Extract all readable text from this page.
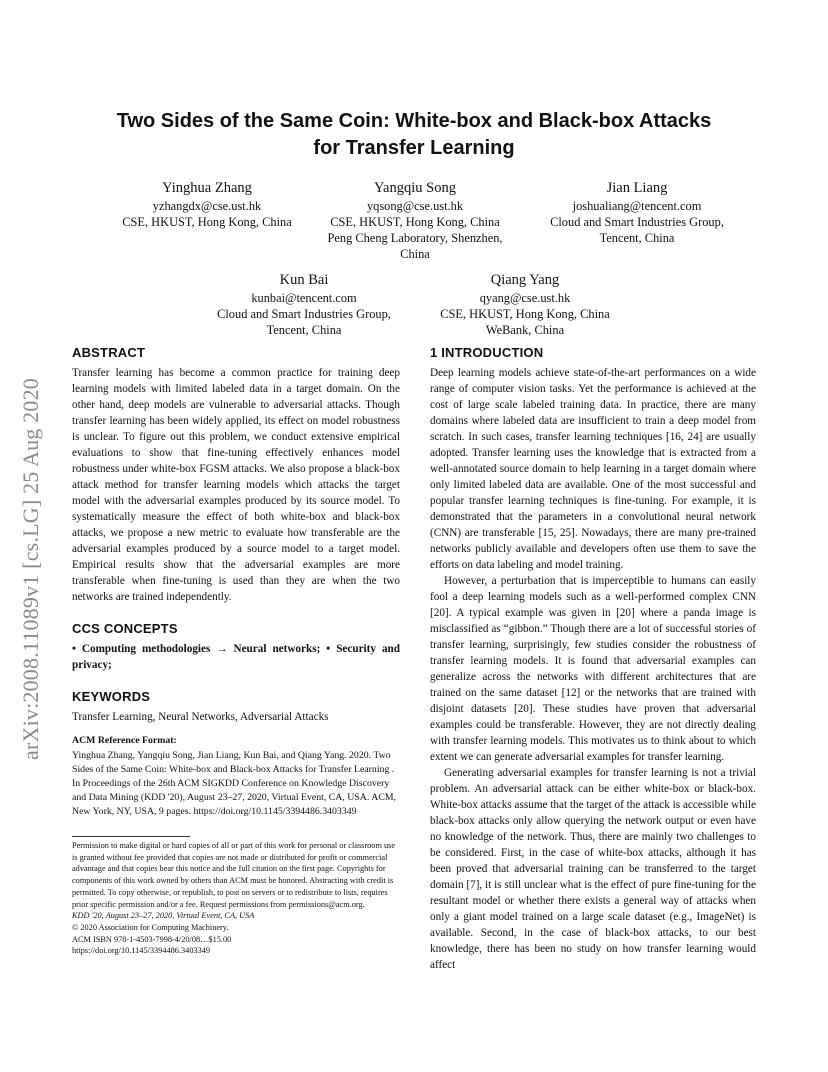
arXiv:2008.11089v1 [cs.LG] 25 Aug 2020
Two Sides of the Same Coin: White-box and Black-box Attacks
for Transfer Learning
Yinghua Zhang
yzhangdx@cse.ust.hk
CSE, HKUST, Hong Kong, China
Yangqiu Song
yqsong@cse.ust.hk
CSE, HKUST, Hong Kong, China
Peng Cheng Laboratory, Shenzhen,
China
Jian Liang
joshualiang@tencent.com
Cloud and Smart Industries Group,
Tencent, China
Kun Bai
kunbai@tencent.com
Cloud and Smart Industries Group,
Tencent, China
Qiang Yang
qyang@cse.ust.hk
CSE, HKUST, Hong Kong, China
WeBank, China
ABSTRACT

Transfer learning has become a common practice for training deep learning models with limited labeled data in a target domain. On the other hand, deep models are vulnerable to adversarial attacks. Though transfer learning has been widely applied, its effect on model robustness is unclear. To figure out this problem, we conduct extensive empirical evaluations to show that fine-tuning effectively enhances model robustness under white-box FGSM attacks. We also propose a black-box attack method for transfer learning models which attacks the target model with the adversarial examples produced by its source model. To systematically measure the effect of both white-box and black-box attacks, we propose a new metric to evaluate how transferable are the adversarial examples produced by a source model to a target model. Empirical results show that the adversarial examples are more transferable when fine-tuning is used than they are when the two networks are trained independently.

CCS CONCEPTS

• Computing methodologies → Neural networks; • Security and privacy;

KEYWORDS

Transfer Learning, Neural Networks, Adversarial Attacks

ACM Reference Format:

Yinghua Zhang, Yangqiu Song, Jian Liang, Kun Bai, and Qiang Yang. 2020. Two Sides of the Same Coin: White-box and Black-box Attacks for Transfer Learning . In Proceedings of the 26th ACM SIGKDD Conference on Knowledge Discovery and Data Mining (KDD '20), August 23–27, 2020, Virtual Event, CA, USA. ACM, New York, NY, USA, 9 pages. https://doi.org/10.1145/3394486.3403349

Permission to make digital or hard copies of all or part of this work for personal or classroom use is granted without fee provided that copies are not made or distributed for profit or commercial advantage and that copies bear this notice and the full citation on the first page. Copyrights for components of this work owned by others than ACM must be honored. Abstracting with credit is permitted. To copy otherwise, or republish, to post on servers or to redistribute to lists, requires prior specific permission and/or a fee. Request permissions from permissions@acm.org.
KDD '20, August 23–27, 2020, Virtual Event, CA, USA
© 2020 Association for Computing Machinery.
ACM ISBN 978-1-4503-7998-4/20/08…$15.00
https://doi.org/10.1145/3394486.3403349
1 INTRODUCTION

Deep learning models achieve state-of-the-art performances on a wide range of computer vision tasks. Yet the performance is achieved at the cost of large scale labeled training data. In practice, there are many domains where labeled data are insufficient to train a deep model from scratch. In such cases, transfer learning techniques [16, 24] are usually adopted. Transfer learning uses the knowledge that is extracted from a well-annotated source domain to help learning in a target domain where only limited labeled data are available. One of the most successful and popular transfer learning techniques is fine-tuning. For example, it is demonstrated that the parameters in a convolutional neural network (CNN) are transferable [15, 25]. Nowadays, there are many pre-trained networks publicly available and developers often use them to save the efforts on data labeling and model training.

However, a perturbation that is imperceptible to humans can easily fool a deep learning models such as a well-performed complex CNN [20]. A typical example was given in [20] where a panda image is misclassified as “gibbon.” Though there are a lot of successful stories of transfer learning, surprisingly, few studies consider the robustness of transfer learning models. It is found that adversarial examples can generalize across the networks with different architectures that are trained on the same dataset [12] or the networks that are trained with disjoint datasets [20]. These studies have proven that adversarial examples could be transferable. However, they are not directly dealing with transfer learning models. This motivates us to think about to which extent we can generate adversarial examples for transfer learning.

Generating adversarial examples for transfer learning is not a trivial problem. An adversarial attack can be either white-box or black-box. White-box attacks assume that the target of the attack is accessible while black-box attacks only allow querying the network output or even have no knowledge of the network. Thus, there are mainly two challenges to be considered. First, in the case of white-box attacks, although it has been proved that adversarial training can be transferred to the target domain [7], it is still unclear what is the effect of pure fine-tuning for the resultant model or whether there exists a general way of attacks when only a giant model trained on a large scale dataset (e.g., ImageNet) is available. Second, in the case of black-box attacks, to our best knowledge, there has been no study on how transfer learning would affect
